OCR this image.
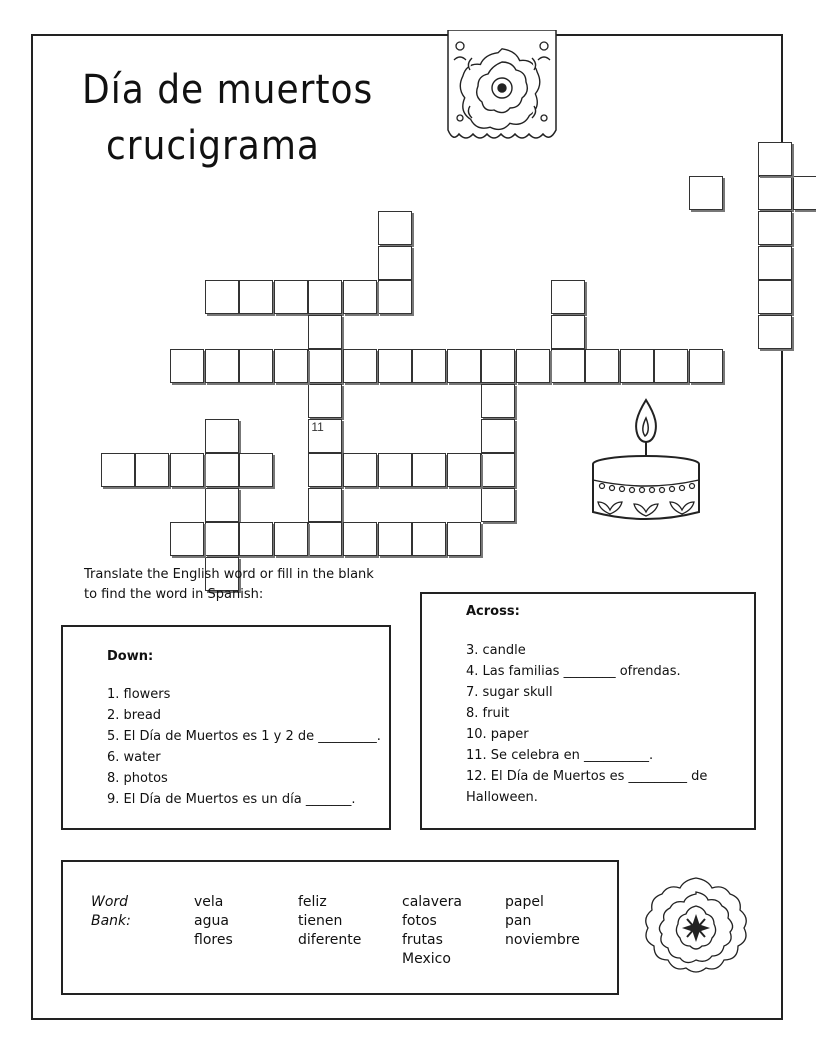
Día de muertos
crucigrama
11
Translate the English word or fill in the blank to find the word in Spanish:
Down:
1. flowers
2. bread
5. El Día de Muertos es 1 y 2 de _________.
6. water
8. photos
9. El Día de Muertos es un día _______.
Across:
3. candle
4. Las familias ________ ofrendas.
7. sugar skull
8. fruit
10. paper
11. Se celebra en __________.
12. El Día de Muertos es _________ de Halloween.
Word
Bank:
vela
agua
flores
feliz
tienen
diferente
calavera
fotos
frutas
Mexico
papel
pan
noviembre
